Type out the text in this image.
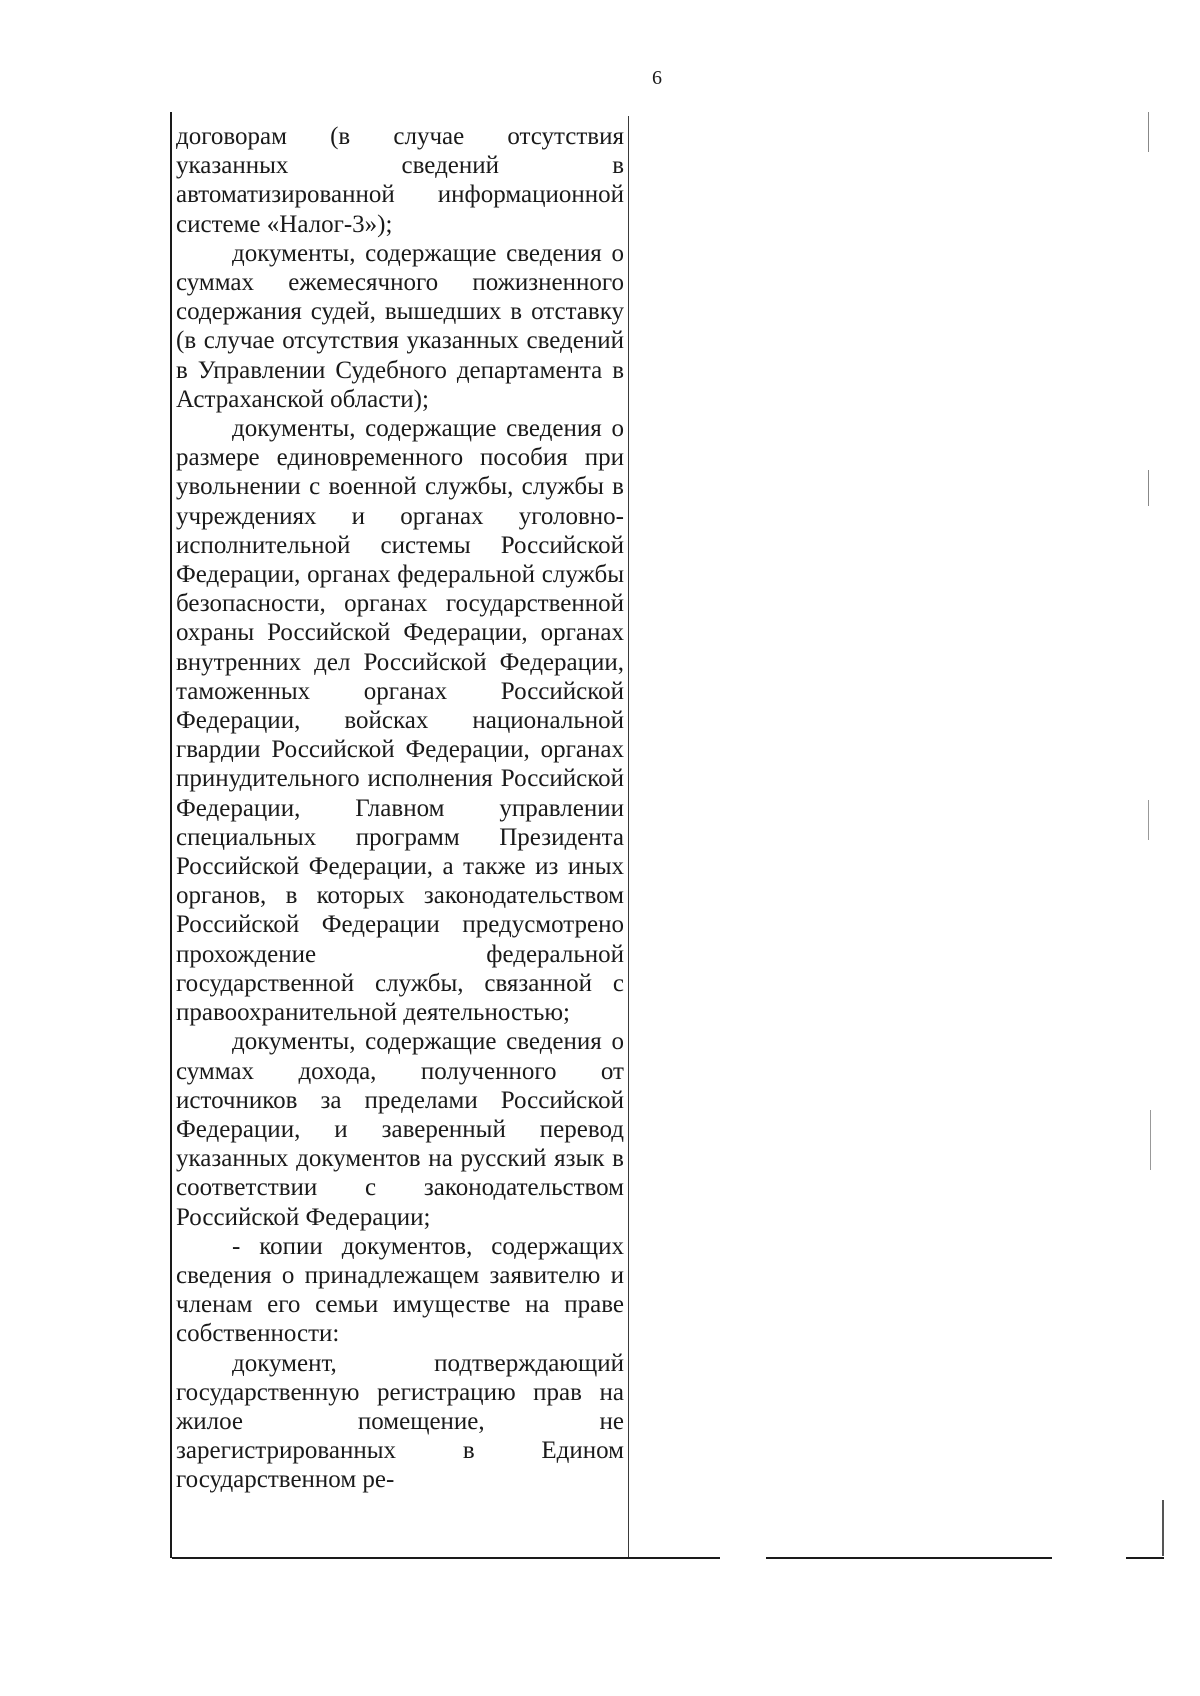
6

договорам (в случае отсутствия указанных сведений в автоматизированной информационной системе «Налог-3»);

документы, содержащие сведения о суммах ежемесячного пожизненного содержания судей, вышедших в отставку (в случае отсутствия указанных сведений в Управлении Судебного департамента в Астраханской области);

документы, содержащие сведения о размере единовременного пособия при увольнении с военной службы, службы в учреждениях и органах уголовно-исполнительной системы Российской Федерации, органах федеральной службы безопасности, органах государственной охраны Российской Федерации, органах внутренних дел Российской Федерации, таможенных органах Российской Федерации, войсках национальной гвардии Российской Федерации, органах принудительного исполнения Российской Федерации, Главном управлении специальных программ Президента Российской Федерации, а также из иных органов, в которых законодательством Российской Федерации предусмотрено прохождение федеральной государственной службы, связанной с правоохранительной деятельностью;

документы, содержащие сведения о суммах дохода, полученного от источников за пределами Российской Федерации, и заверенный перевод указанных документов на русский язык в соответствии с законодательством Российской Федерации;

- копии документов, содержащих сведения о принадлежащем заявителю и членам его семьи имуществе на праве собственности:

документ, подтверждающий государственную регистрацию прав на жилое помещение, не зарегистрированных в Едином государственном ре-
